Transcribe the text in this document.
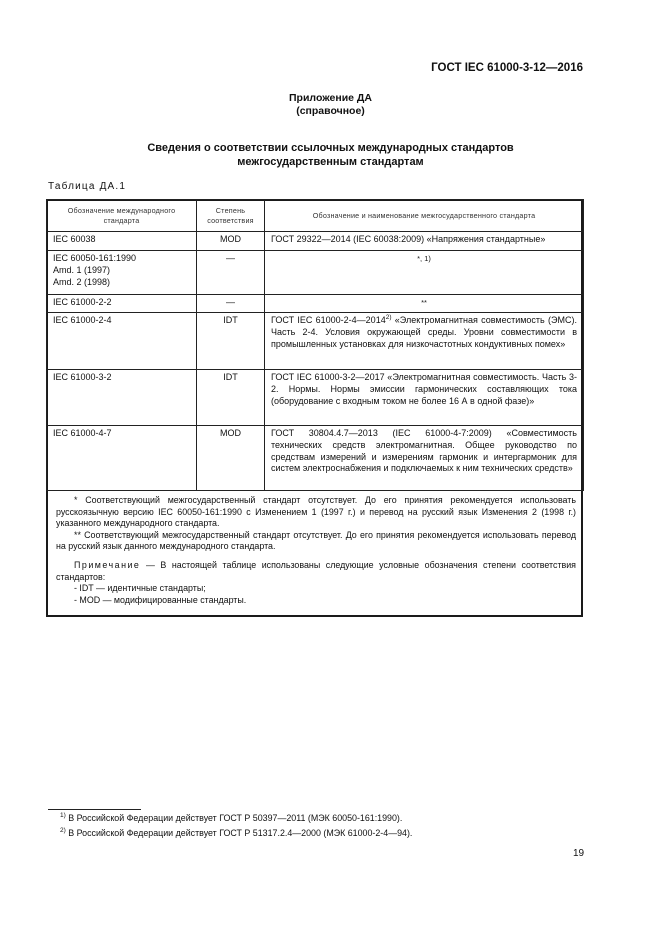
ГОСТ IEC 61000-3-12—2016
Приложение ДА
(справочное)
Сведения о соответствии ссылочных международных стандартов
межгосударственным стандартам
Таблица ДА.1
Обозначение международного стандарта	Степень соответствия	Обозначение и наименование межгосударственного стандарта

IEC 60038	MOD	ГОСТ 29322—2014 (IEC 60038:2009) «Напряжения стандартные»

IEC 60050-161:1990
Amd. 1 (1997)
Amd. 2 (1998)	—	*, 1)

IEC 61000-2-2	—	**

IEC 61000-2-4	IDT	ГОСТ IEC 61000-2-4—2014$^{2)}$ «Электромагнитная совместимость (ЭМС). Часть 2-4. Условия окружающей среды. Уровни совместимости в промышленных установках для низкочастотных кондуктивных помех»

IEC 61000-3-2	IDT	ГОСТ IEC 61000-3-2—2017 «Электромагнитная совместимость. Часть 3-2. Нормы. Нормы эмиссии гармонических составляющих тока (оборудование с входным током не более 16 А в одной фазе)»

IEC 61000-4-7	MOD	ГОСТ 30804.4.7—2013 (IEC 61000-4-7:2009) «Совместимость технических средств электромагнитная. Общее руководство по средствам измерений и измерениям гармоник и интергармоник для систем электроснабжения и подключаемых к ним технических средств»

* Соответствующий межгосударственный стандарт отсутствует. До его принятия рекомендуется использовать русскоязычную версию IEC 60050-161:1990 с Изменением 1 (1997 г.) и перевод на русский язык Изменения 2 (1998 г.) указанного международного стандарта.

** Соответствующий межгосударственный стандарт отсутствует. До его принятия рекомендуется использовать перевод на русский язык данного международного стандарта.

Примечание — В настоящей таблице использованы следующие условные обозначения степени соответствия стандартов:

- IDT — идентичные стандарты;

- MOD — модифицированные стандарты.

$^{1)}$ В Российской Федерации действует ГОСТ Р 50397—2011 (МЭК 60050-161:1990).
$^{2)}$ В Российской Федерации действует ГОСТ Р 51317.2.4—2000 (МЭК 61000-2-4—94).
19
